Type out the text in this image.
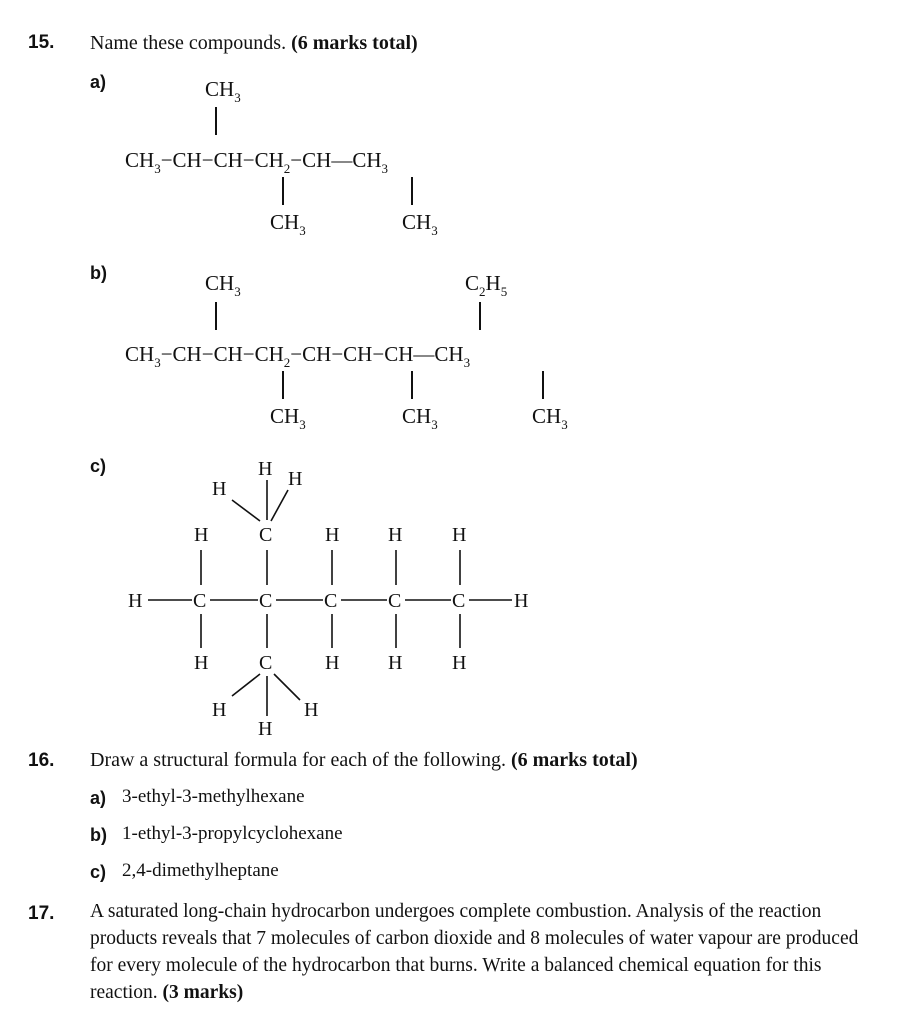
15. Name these compounds. (6 marks total)
a)
b)
c)
$CH_3$
$CH_3-CH-CH-CH_2-CH—CH_3$
$CH_3$	$CH_3$
$CH_3$	$C_2H_5$
$CH_3-CH-CH-CH_2-CH-CH-CH—CH_3$
$CH_3$	$CH_3$	$CH_3$
H H
H
C
H	H H H
H	C	C	C	C	C H
H	C	H H H
H	H
H
16. Draw a structural formula for each of the following. (6 marks total)
a) 3-ethyl-3-methylhexane
b) 1-ethyl-3-propylcyclohexane
c) 2,4-dimethylheptane
17. A saturated long-chain hydrocarbon undergoes complete combustion. Analysis of the reaction products reveals that 7 molecules of carbon dioxide and 8 molecules of water vapour are produced for every molecule of the hydrocarbon that burns. Write a balanced chemical equation for this reaction. (3 marks)
